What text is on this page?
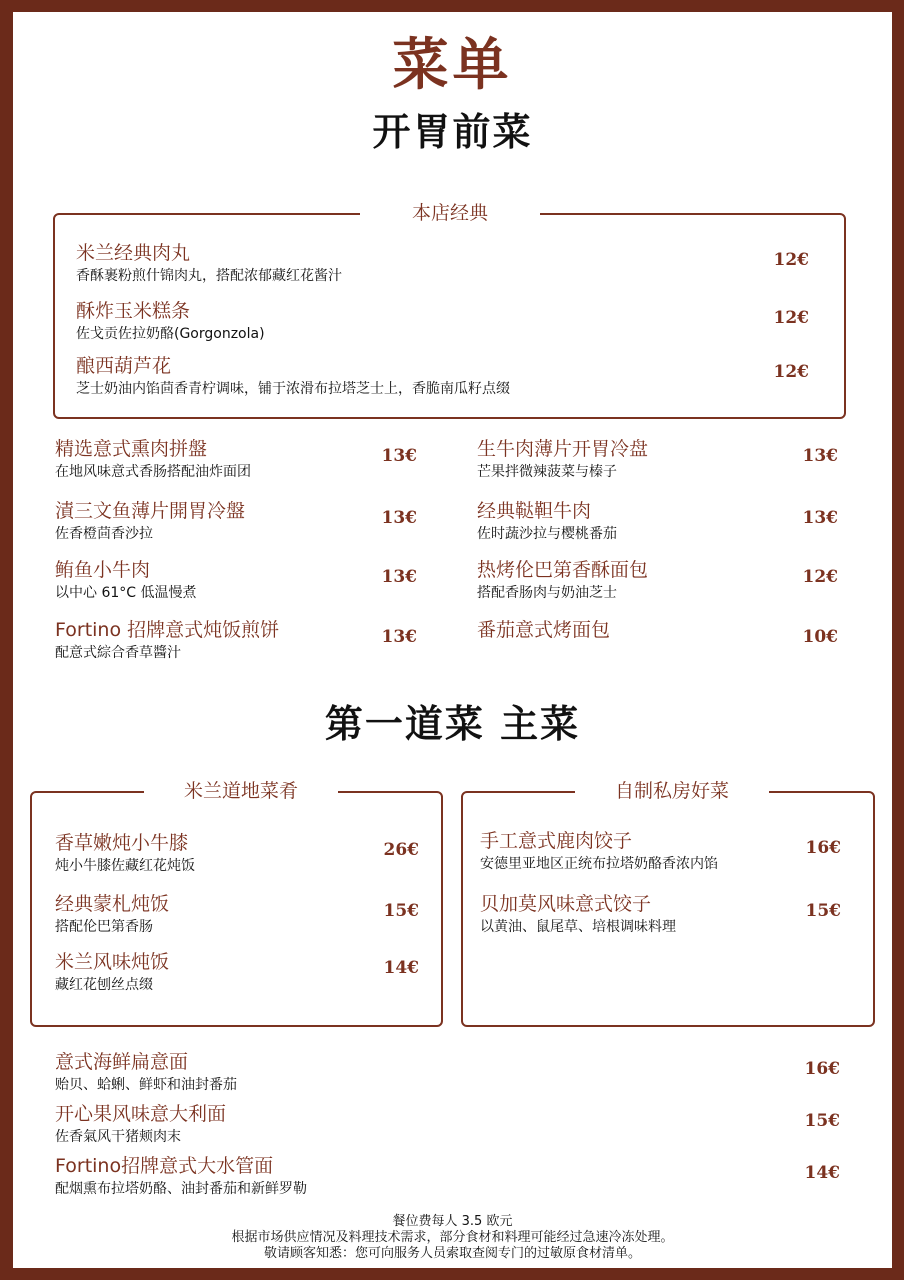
菜单
开胃前菜
本店经典
米兰经典肉丸
香酥裹粉煎什锦肉丸，搭配浓郁藏红花酱汁
12€
酥炸玉米糕条
佐戈贡佐拉奶酪(Gorgonzola)
12€
酿西葫芦花
芝士奶油内馅茴香青柠调味，铺于浓滑布拉塔芝士上，香脆南瓜籽点缀
12€
精选意式熏肉拼盤
在地风味意式香肠搭配油炸面团
13€
漬三文鱼薄片開胃冷盤
佐香橙茴香沙拉
13€
鲔鱼小牛肉
以中心 61°C 低温慢煮
13€
Fortino 招牌意式炖饭煎饼
配意式綜合香草醬汁
13€
生牛肉薄片开胃冷盘
芒果拌微辣菠菜与榛子
13€
经典鞑靼牛肉
佐时蔬沙拉与樱桃番茄
13€
热烤伦巴第香酥面包
搭配香肠肉与奶油芝士
12€
番茄意式烤面包	10€
第一道菜 主菜
米兰道地菜肴
香草嫩炖小牛膝
炖小牛膝佐藏红花炖饭
26€
经典蒙札炖饭
搭配伦巴第香肠
15€
米兰风味炖饭
藏红花刨丝点缀
14€
自制私房好菜
手工意式鹿肉饺子
安德里亚地区正统布拉塔奶酪香浓内馅
16€
贝加莫风味意式饺子
以黄油、鼠尾草、培根调味料理
15€
意式海鲜扁意面
贻贝、蛤蜊、鲜虾和油封番茄
16€
开心果风味意大利面
佐香氣风干猪颊肉末
15€
Fortino招牌意式大水管面
配烟熏布拉塔奶酪、油封番茄和新鲜罗勒
14€
餐位费每人 3.5 欧元
根据市场供应情况及料理技术需求，部分食材和料理可能经过急速冷冻处理。
敬请顾客知悉：您可向服务人员索取查阅专门的过敏原食材清单。
